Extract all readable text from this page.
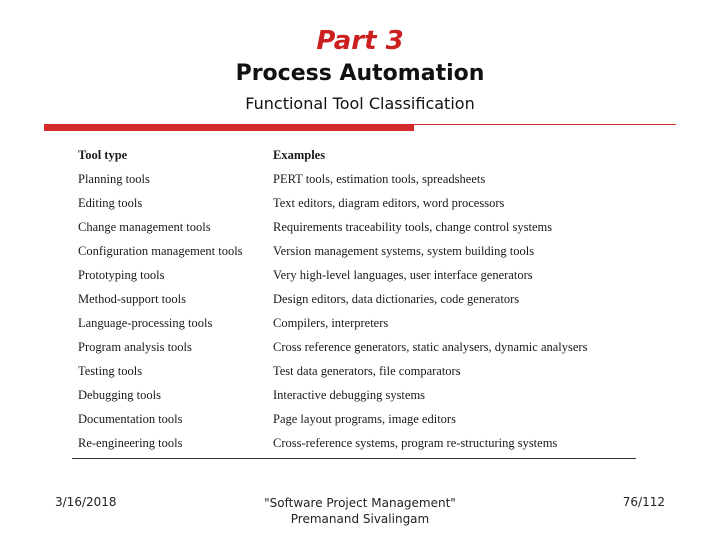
Part 3
Process Automation
Functional Tool Classification
Tool type	Examples
Planning tools	PERT tools, estimation tools, spreadsheets
Editing tools	Text editors, diagram editors, word processors
Change management tools	Requirements traceability tools, change control systems
Configuration management tools	Version management systems, system building tools
Prototyping tools	Very high-level languages, user interface generators
Method-support tools	Design editors, data dictionaries, code generators
Language-processing tools	Compilers, interpreters
Program analysis tools	Cross reference generators, static analysers, dynamic analysers
Testing tools	Test data generators, file comparators
Debugging tools	Interactive debugging systems
Documentation tools	Page layout programs, image editors
Re-engineering tools	Cross-reference systems, program re-structuring systems
3/16/2018	"Software Project Management"
Premanand Sivalingam
76/112
